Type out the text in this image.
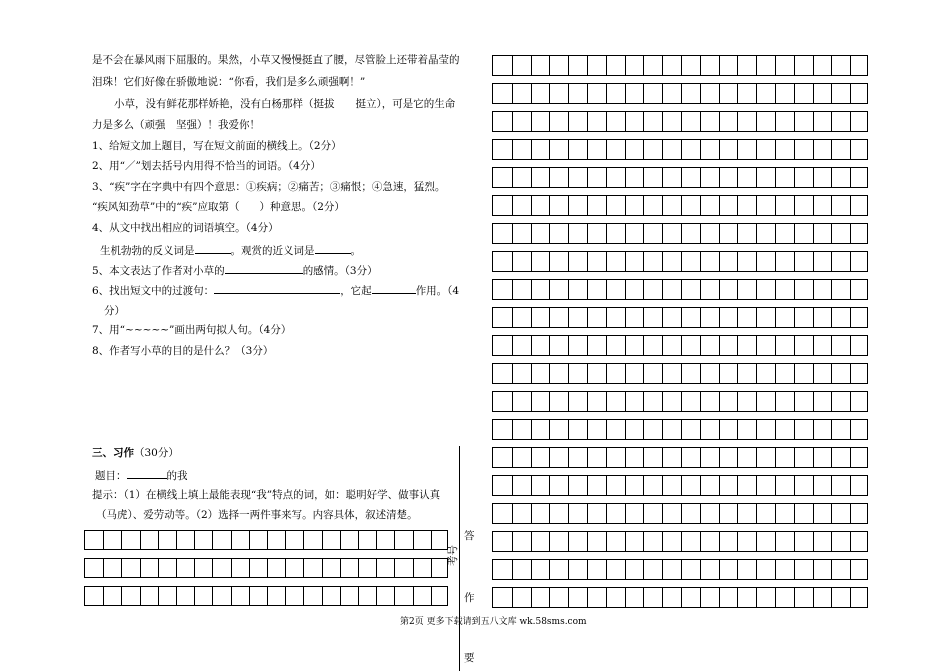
是不会在暴风雨下屈服的。果然，小草又慢慢挺直了腰，尽管脸上还带着晶莹的
泪珠！它们好像在骄傲地说：“你看，我们是多么顽强啊！”
小草，没有鲜花那样娇艳，没有白杨那样（挺拔　　挺立），可是它的生命
力是多么（顽强　坚强）！我爱你！
1、给短文加上题目，写在短文前面的横线上。（2分）
2、用“／”划去括号内用得不恰当的词语。（4分）
3、“疾”字在字典中有四个意思：①疾病；②痛苦；③痛恨；④急速，猛烈。
“疾风知劲草”中的“疾”应取第（ ）种意思。（2分）
4、从文中找出相应的词语填空。（4分）
生机勃勃的反义词是	。观赏的近义词是	。
5、本文表达了作者对小草的	的感情。（3分）
6、找出短文中的过渡句：	，它起	作用。（4
分）
7、用“~~~~~”画出两句拟人句。（4分）
8、作者写小草的目的是什么？（3分）
三、习作（30分）
题目：	的我
提示：（1）在横线上填上最能表现“我”特点的词，如：聪明好学、做事认真
（马虎）、爱劳动等。（2）选择一两件事来写。内容具体，叙述清楚。
考号
答
作
要
第2页 更多下载请到五八文库 wk.58sms.com
